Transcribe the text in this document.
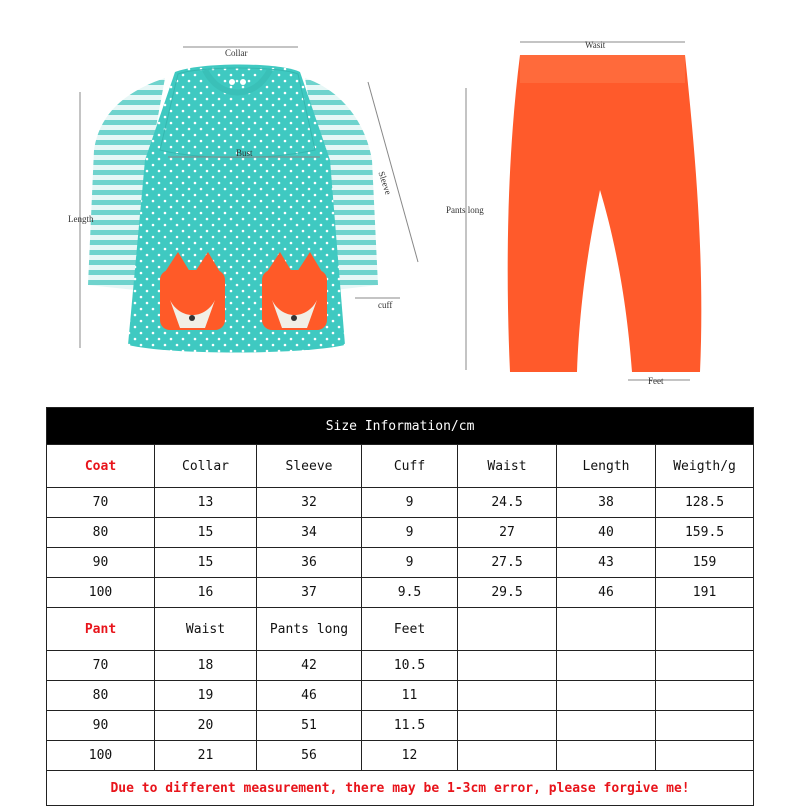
Collar
Bust
Sleeve
Length
cuff
Wasit
Pants long
Feet
Size Information/cm						
Coat	Collar	Sleeve	Cuff	Waist	Length	Weigth/g
70	13	32	9	24.5	38	128.5
80	15	34	9	27	40	159.5
90	15	36	9	27.5	43	159
100	16	37	9.5	29.5	46	191
Pant	Waist	Pants long	Feet			
70	18	42	10.5			
80	19	46	11			
90	20	51	11.5			
100	21	56	12			
Due to different measurement, there may be 1-3cm error, please forgive me!						
